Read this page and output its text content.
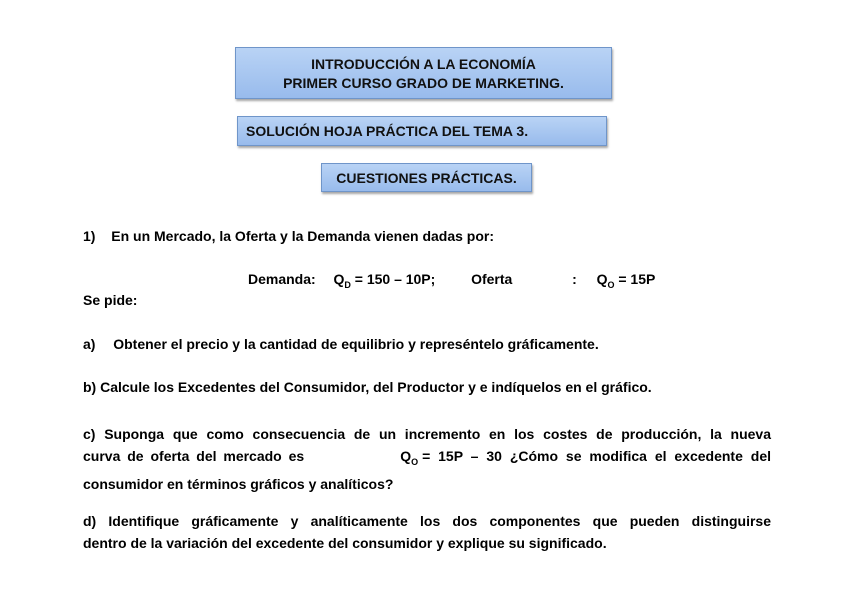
INTRODUCCIÓN A LA ECONOMÍA
PRIMER CURSO GRADO DE MARKETING.
SOLUCIÓN HOJA PRÁCTICA DEL TEMA 3.
CUESTIONES PRÁCTICAS.
1) En un Mercado, la Oferta y la Demanda vienen dadas por:
Demanda: $Q_D = 150 - 10P$;	Oferta	: $Q_O = 15P$
Se pide:
a) Obtener el precio y la cantidad de equilibrio y represéntelo gráficamente.
b) Calcule los Excedentes del Consumidor, del Productor y e indíquelos en el gráfico.
c) Suponga que como consecuencia de un incremento en los costes de producción, la nueva
curva de oferta del mercado es	$Q_O = 15P - 30$ ¿Cómo se modifica el excedente del
consumidor en términos gráficos y analíticos?
d) Identifique gráficamente y analíticamente los dos componentes que pueden distinguirse
dentro de la variación del excedente del consumidor y explique su significado.
